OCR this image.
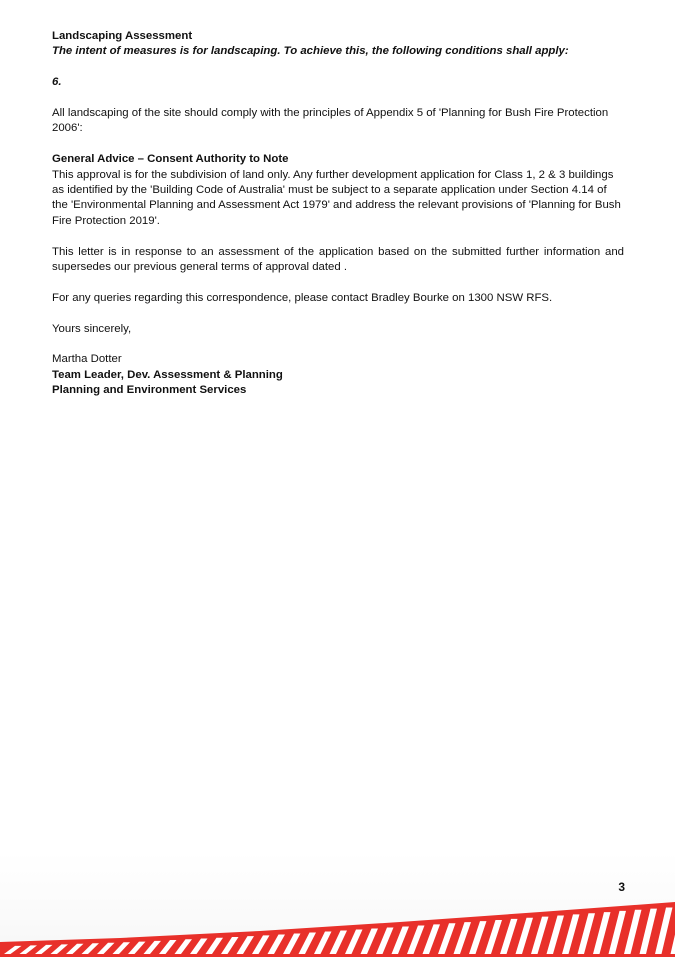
Landscaping Assessment

The intent of measures is for landscaping. To achieve this, the following conditions shall apply:

6.

All landscaping of the site should comply with the principles of Appendix 5 of 'Planning for Bush Fire Protection 2006':

General Advice – Consent Authority to Note

This approval is for the subdivision of land only. Any further development application for Class 1, 2 & 3 buildings as identified by the 'Building Code of Australia' must be subject to a separate application under Section 4.14 of the 'Environmental Planning and Assessment Act 1979' and address the relevant provisions of 'Planning for Bush Fire Protection 2019'.

This letter is in response to an assessment of the application based on the submitted further information and supersedes our previous general terms of approval dated .

For any queries regarding this correspondence, please contact Bradley Bourke on 1300 NSW RFS.

Yours sincerely,

Martha Dotter

Team Leader, Dev. Assessment & Planning

Planning and Environment Services

3
